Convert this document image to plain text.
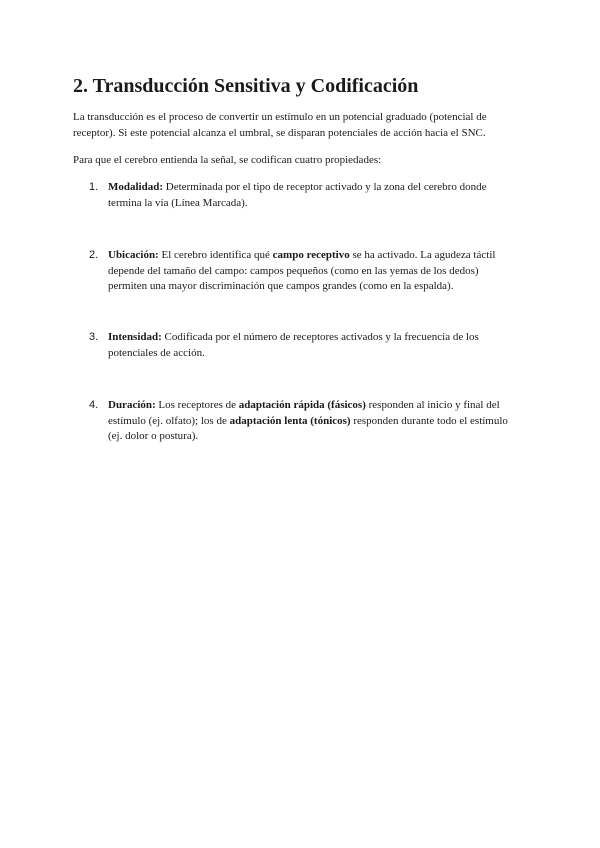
2. Transducción Sensitiva y Codificación

La transducción es el proceso de convertir un estímulo en un potencial graduado (potencial de receptor). Si este potencial alcanza el umbral, se disparan potenciales de acción hacia el SNC.

Para que el cerebro entienda la señal, se codifican cuatro propiedades:

1. Modalidad: Determinada por el tipo de receptor activado y la zona del cerebro donde termina la vía (Línea Marcada).
2. Ubicación: El cerebro identifica qué campo receptivo se ha activado. La agudeza táctil depende del tamaño del campo: campos pequeños (como en las yemas de los dedos) permiten una mayor discriminación que campos grandes (como en la espalda).
3. Intensidad: Codificada por el número de receptores activados y la frecuencia de los potenciales de acción.
4. Duración: Los receptores de adaptación rápida (fásicos) responden al inicio y final del estímulo (ej. olfato); los de adaptación lenta (tónicos) responden durante todo el estímulo (ej. dolor o postura).
